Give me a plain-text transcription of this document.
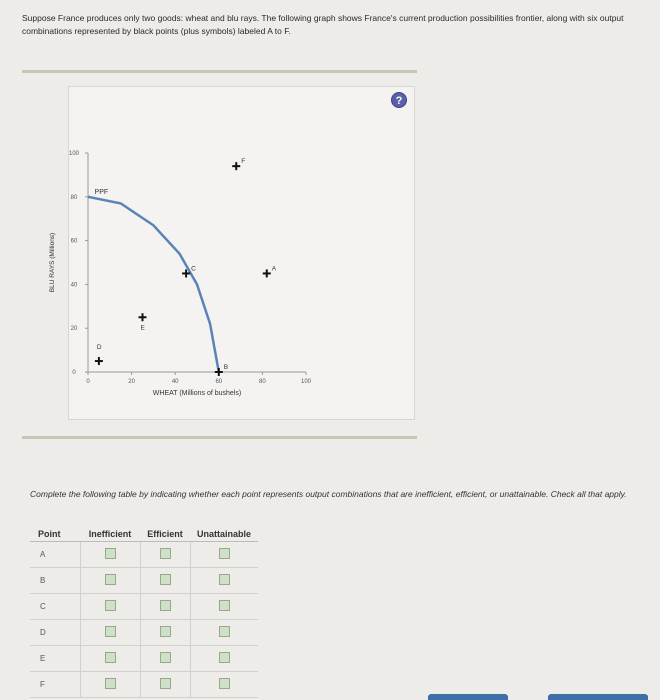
Suppose France produces only two goods: wheat and blu rays. The following graph shows France's current production possibilities frontier, along with six output combinations represented by black points (plus symbols) labeled A to F.
0	20	40	60	80	100
0
20
40
60
80
100
PPF
A
B
C
D
E
F
WHEAT (Millions of bushels)
BLU RAYS (Millions)
?
Complete the following table by indicating whether each point represents output combinations that are inefficient, efficient, or unattainable. Check all that apply.
Point	Inefficient	Efficient	Unattainable
A			
B			
C			
D			
E			
F			
